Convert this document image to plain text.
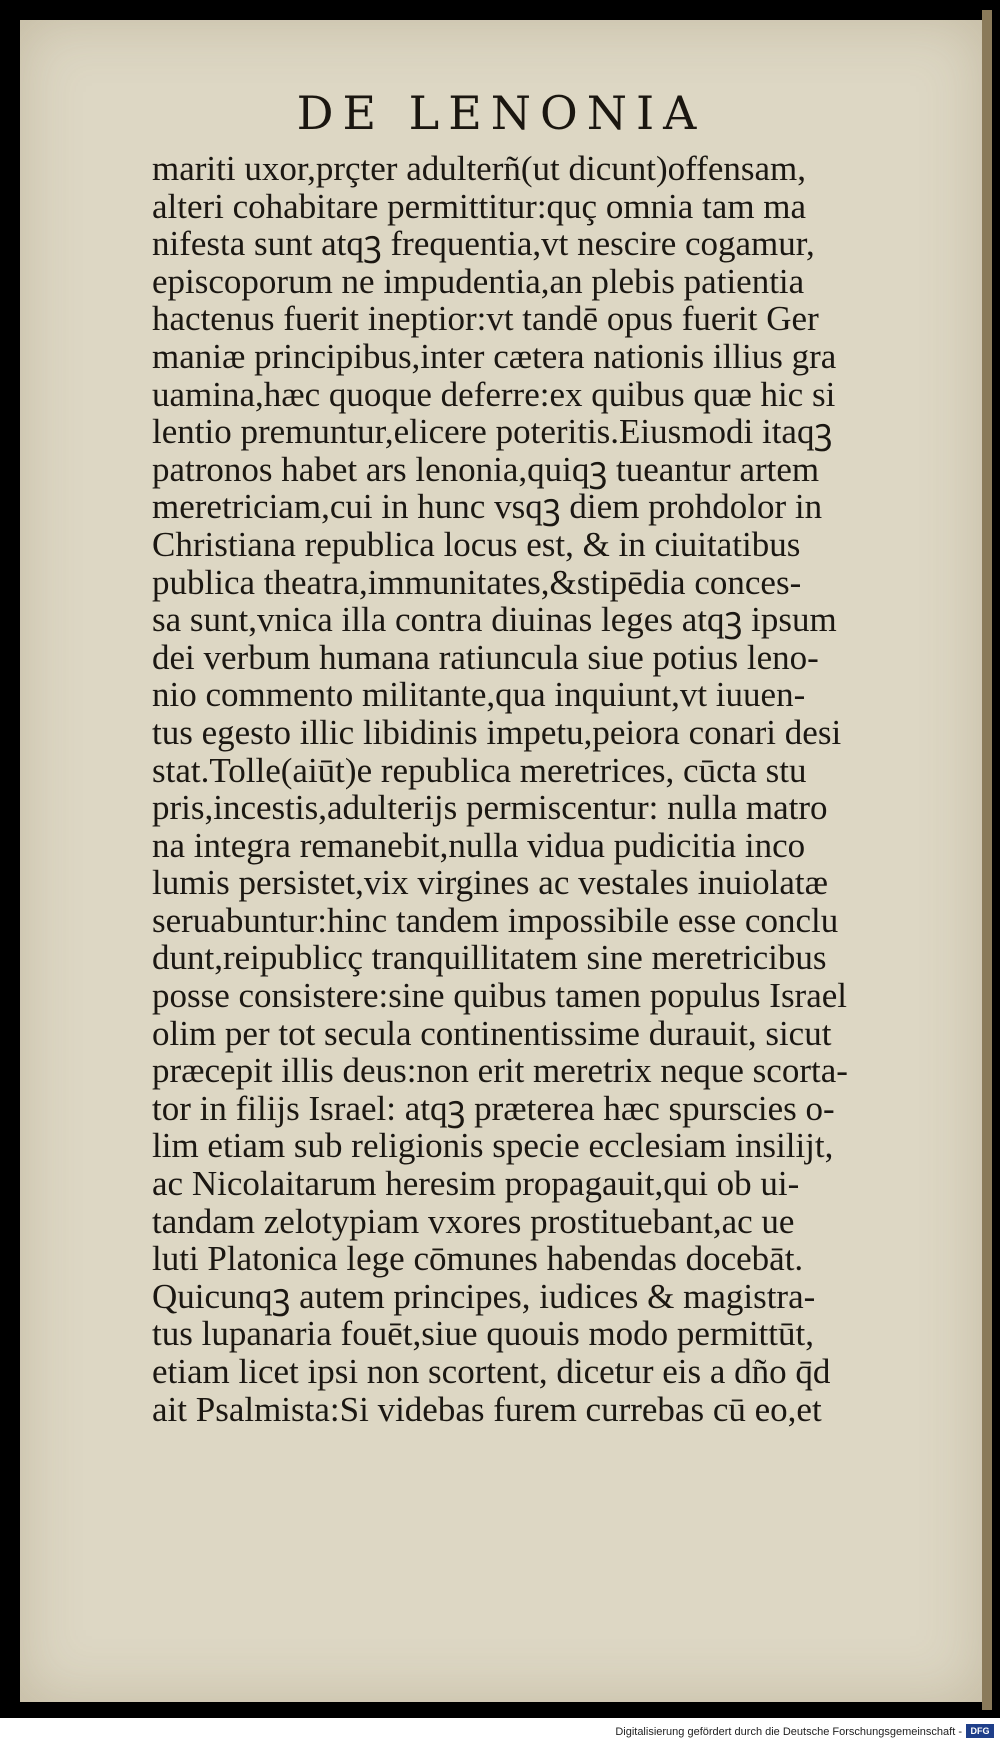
DE LENONIA
mariti uxor,prçter adulterñ(ut dicunt)offensam,
alteri cohabitare permittitur:quç omnia tam ma
nifesta sunt atqꝫ frequentia,vt nescire cogamur,
episcoporum ne impudentia,an plebis patientia
hactenus fuerit ineptior:vt tandē opus fuerit Ger
maniæ principibus,inter cætera nationis illius gra
uamina,hæc quoque deferre:ex quibus quæ hic si
lentio premuntur,elicere poteritis.Eiusmodi itaqꝫ
patronos habet ars lenonia,quiqꝫ tueantur artem
meretriciam,cui in hunc vsqꝫ diem prohdolor in
Christiana republica locus est, & in ciuitatibus
publica theatra,immunitates,&stipēdia conces-
sa sunt,vnica illa contra diuinas leges atqꝫ ipsum
dei verbum humana ratiuncula siue potius leno-
nio commento militante,qua inquiunt,vt iuuen-
tus egesto illic libidinis impetu,peiora conari desi
stat.Tolle(aiūt)e republica meretrices, cūcta stu
pris,incestis,adulterijs permiscentur: nulla matro
na integra remanebit,nulla vidua pudicitia inco
lumis persistet,vix virgines ac vestales inuiolatæ
seruabuntur:hinc tandem impossibile esse conclu
dunt,reipublicç tranquillitatem sine meretricibus
posse consistere:sine quibus tamen populus Israel
olim per tot secula continentissime durauit, sicut
præcepit illis deus:non erit meretrix neque scorta-
tor in filijs Israel: atqꝫ præterea hæc spurscies o-
lim etiam sub religionis specie ecclesiam insilijt,
ac Nicolaitarum heresim propagauit,qui ob ui-
tandam zelotypiam vxores prostituebant,ac ue
luti Platonica lege cōmunes habendas docebāt.
Quicunqꝫ autem principes, iudices & magistra-
tus lupanaria fouēt,siue quouis modo permittūt,
etiam licet ipsi non scortent, dicetur eis a dño q̄d
ait Psalmista:Si videbas furem currebas cū eo,et
Digitalisierung gefördert durch die Deutsche Forschungsgemeinschaft - DFG
